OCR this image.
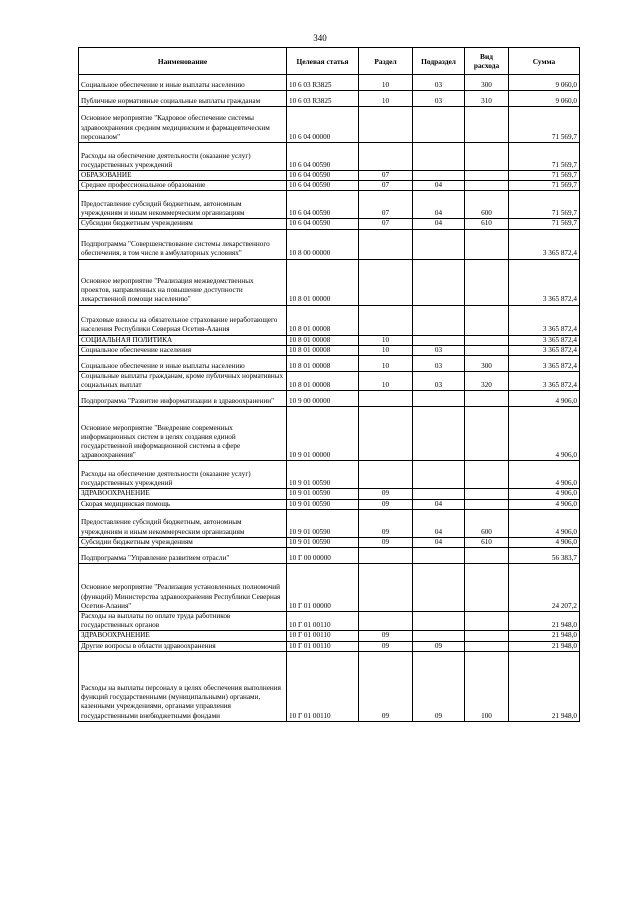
340
Наименование	Целевая статья	Раздел	Подраздел	Вид расхода	Сумма
Социальное обеспечение и иные выплаты населению	10 6 03 R3825	10	03	300	9 060,0
Публичные нормативные социальные выплаты гражданам	10 6 03 R3825	10	03	310	9 060,0
Основное мероприятие "Кадровое обеспечение системы здравоохранения средним медицинским и фармацевтическим персоналом"	10 6 04 00000				71 569,7
Расходы на обеспечение деятельности (оказание услуг) государственных учреждений	10 6 04 00590				71 569,7
ОБРАЗОВАНИЕ	10 6 04 00590	07			71 569,7
Среднее профессиональное образование	10 6 04 00590	07	04		71 569,7
Предоставление субсидий бюджетным, автономным учреждениям и иным некоммерческим организациям	10 6 04 00590	07	04	600	71 569,7
Субсидии бюджетным учреждениям	10 6 04 00590	07	04	610	71 569,7
Подпрограмма "Совершенствование системы лекарственного обеспечения, в том числе в амбулаторных условиях"	10 8 00 00000				3 365 872,4
Основное мероприятие "Реализация межведомственных проектов, направленных на повышение доступности лекарственной помощи населению"	10 8 01 00000				3 365 872,4
Страховые взносы на обязательное страхование неработающего населения Республики Северная Осетия-Алания	10 8 01 00008				3 365 872,4
СОЦИАЛЬНАЯ ПОЛИТИКА	10 8 01 00008	10			3 365 872,4
Социальное обеспечение населения	10 8 01 00008	10	03		3 365 872,4
Социальное обеспечение и иные выплаты населению	10 8 01 00008	10	03	300	3 365 872,4
Социальные выплаты гражданам, кроме публичных нормативных социальных выплат	10 8 01 00008	10	03	320	3 365 872,4
Подпрограмма "Развитие информатизации в здравоохранении"	10 9 00 00000				4 906,0
Основное мероприятие "Внедрение современных информационных систем в целях создания единой государственной информационной системы в сфере здравоохранения"	10 9 01 00000				4 906,0
Расходы на обеспечение деятельности (оказание услуг) государственных учреждений	10 9 01 00590				4 906,0
ЗДРАВООХРАНЕНИЕ	10 9 01 00590	09			4 906,0
Скорая медицинская помощь	10 9 01 00590	09	04		4 906,0
Предоставление субсидий бюджетным, автономным учреждениям и иным некоммерческим организациям	10 9 01 00590	09	04	600	4 906,0
Субсидии бюджетным учреждениям	10 9 01 00590	09	04	610	4 906,0
Подпрограмма "Управление развитием отрасли"	10 Г 00 00000				56 383,7
Основное мероприятие "Реализация установленных полномочий (функций) Министерства здравоохранения Республики Северная Осетия-Алания"	10 Г 01 00000				24 207,2
Расходы на выплаты по оплате труда работников государственных органов	10 Г 01 00110				21 948,0
ЗДРАВООХРАНЕНИЕ	10 Г 01 00110	09			21 948,0
Другие вопросы в области здравоохранения	10 Г 01 00110	09	09		21 948,0
Расходы на выплаты персоналу в целях обеспечения выполнения функций государственными (муниципальными) органами, казенными учреждениями, органами управления государственными внебюджетными фондами	10 Г 01 00110	09	09	100	21 948,0
